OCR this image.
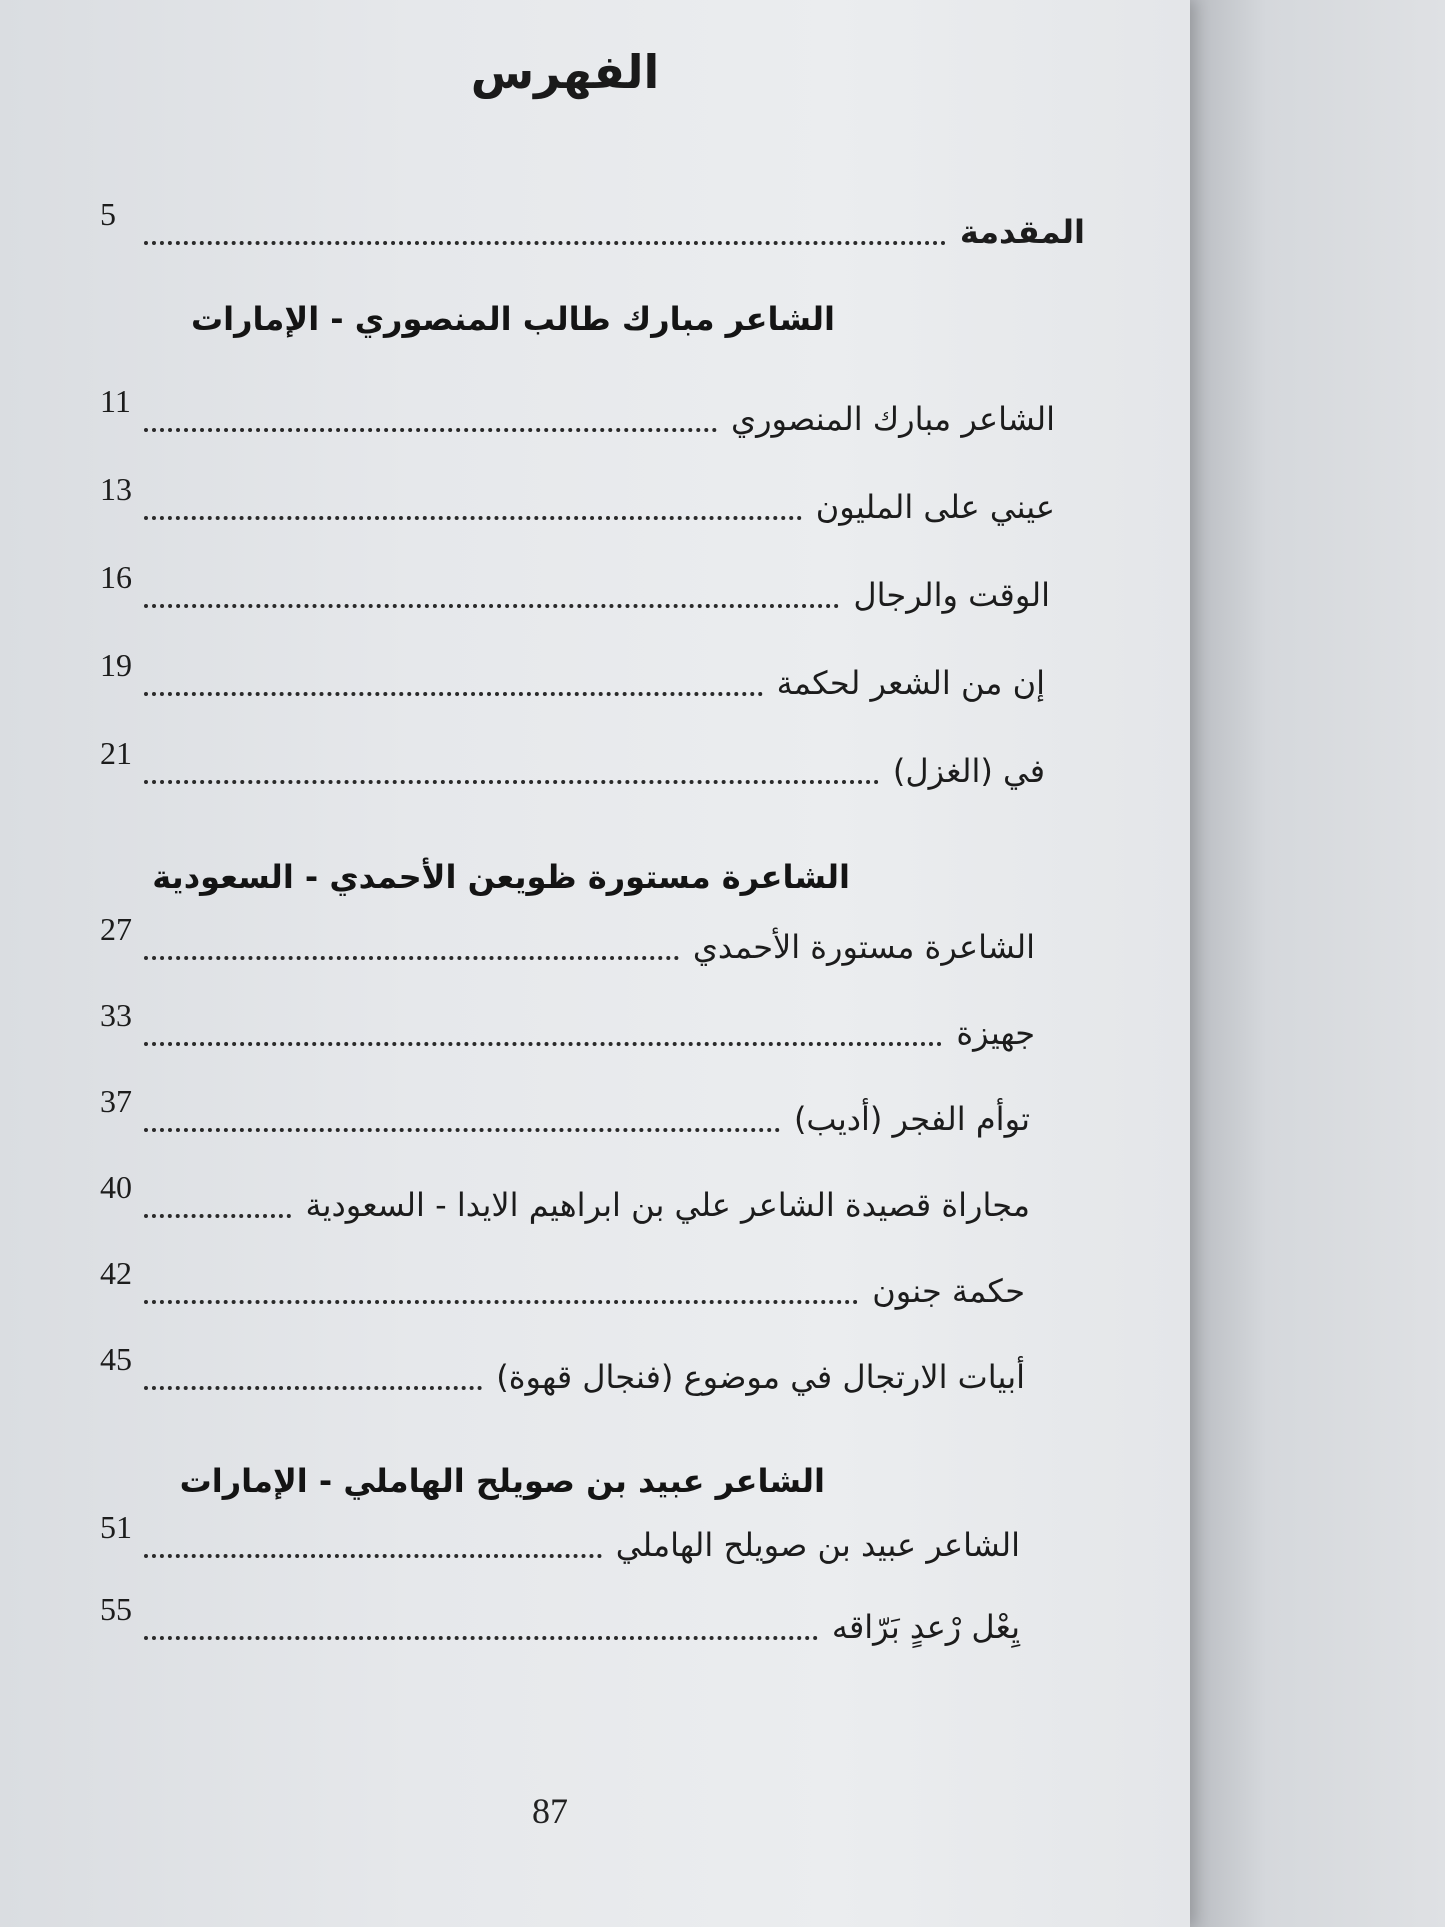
الفهرس
المقدمة
5
الشاعر مبارك طالب المنصوري - الإمارات
الشاعر مبارك المنصوري
11
عيني على المليون
13
الوقت والرجال
16
إن من الشعر لحكمة
19
في (الغزل)
21
الشاعرة مستورة ظويعن الأحمدي - السعودية
الشاعرة مستورة الأحمدي
27
جهيزة
33
توأم الفجر (أديب)
37
مجاراة قصيدة الشاعر علي بن ابراهيم الايدا - السعودية
40
حكمة جنون
42
أبيات الارتجال في موضوع (فنجال قهوة)
45
الشاعر عبيد بن صويلح الهاملي - الإمارات
الشاعر عبيد بن صويلح الهاملي
51
يِعْل رْعدٍ بَرّاقه
55
87
